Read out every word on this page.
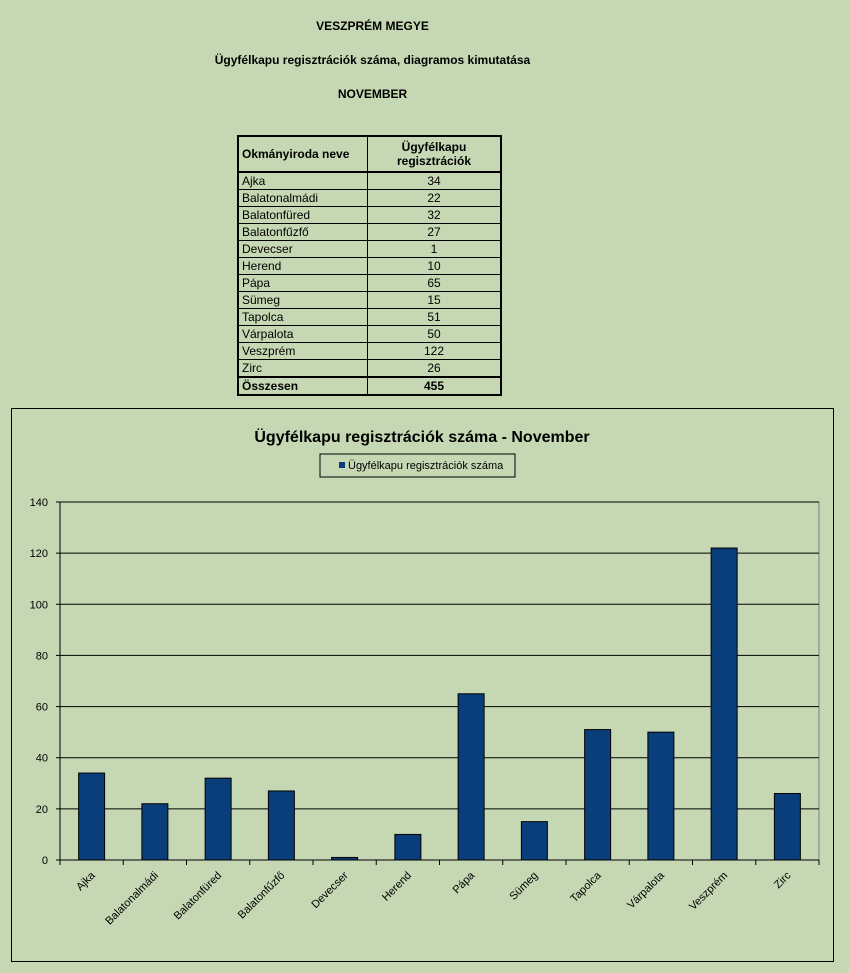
VESZPRÉM MEGYE
Ügyfélkapu regisztrációk száma, diagramos kimutatása
NOVEMBER
Okmányiroda neve	Ügyfélkapu regisztrációk
Ajka	34
Balatonalmádi	22
Balatonfüred	32
Balatonfűzfő	27
Devecser	1
Herend	10
Pápa	65
Sümeg	15
Tapolca	51
Várpalota	50
Veszprém	122
Zirc	26
Összesen	455
Ügyfélkapu regisztrációk száma - November
Ügyfélkapu regisztrációk száma
0
20
40
60
80
100
120
140
Ajka Balatonalmádi Balatonfüred Balatonfűzfő Devecser	Herend	Pápa	Sümeg	Tapolca Várpalota Veszprém	Zirc
